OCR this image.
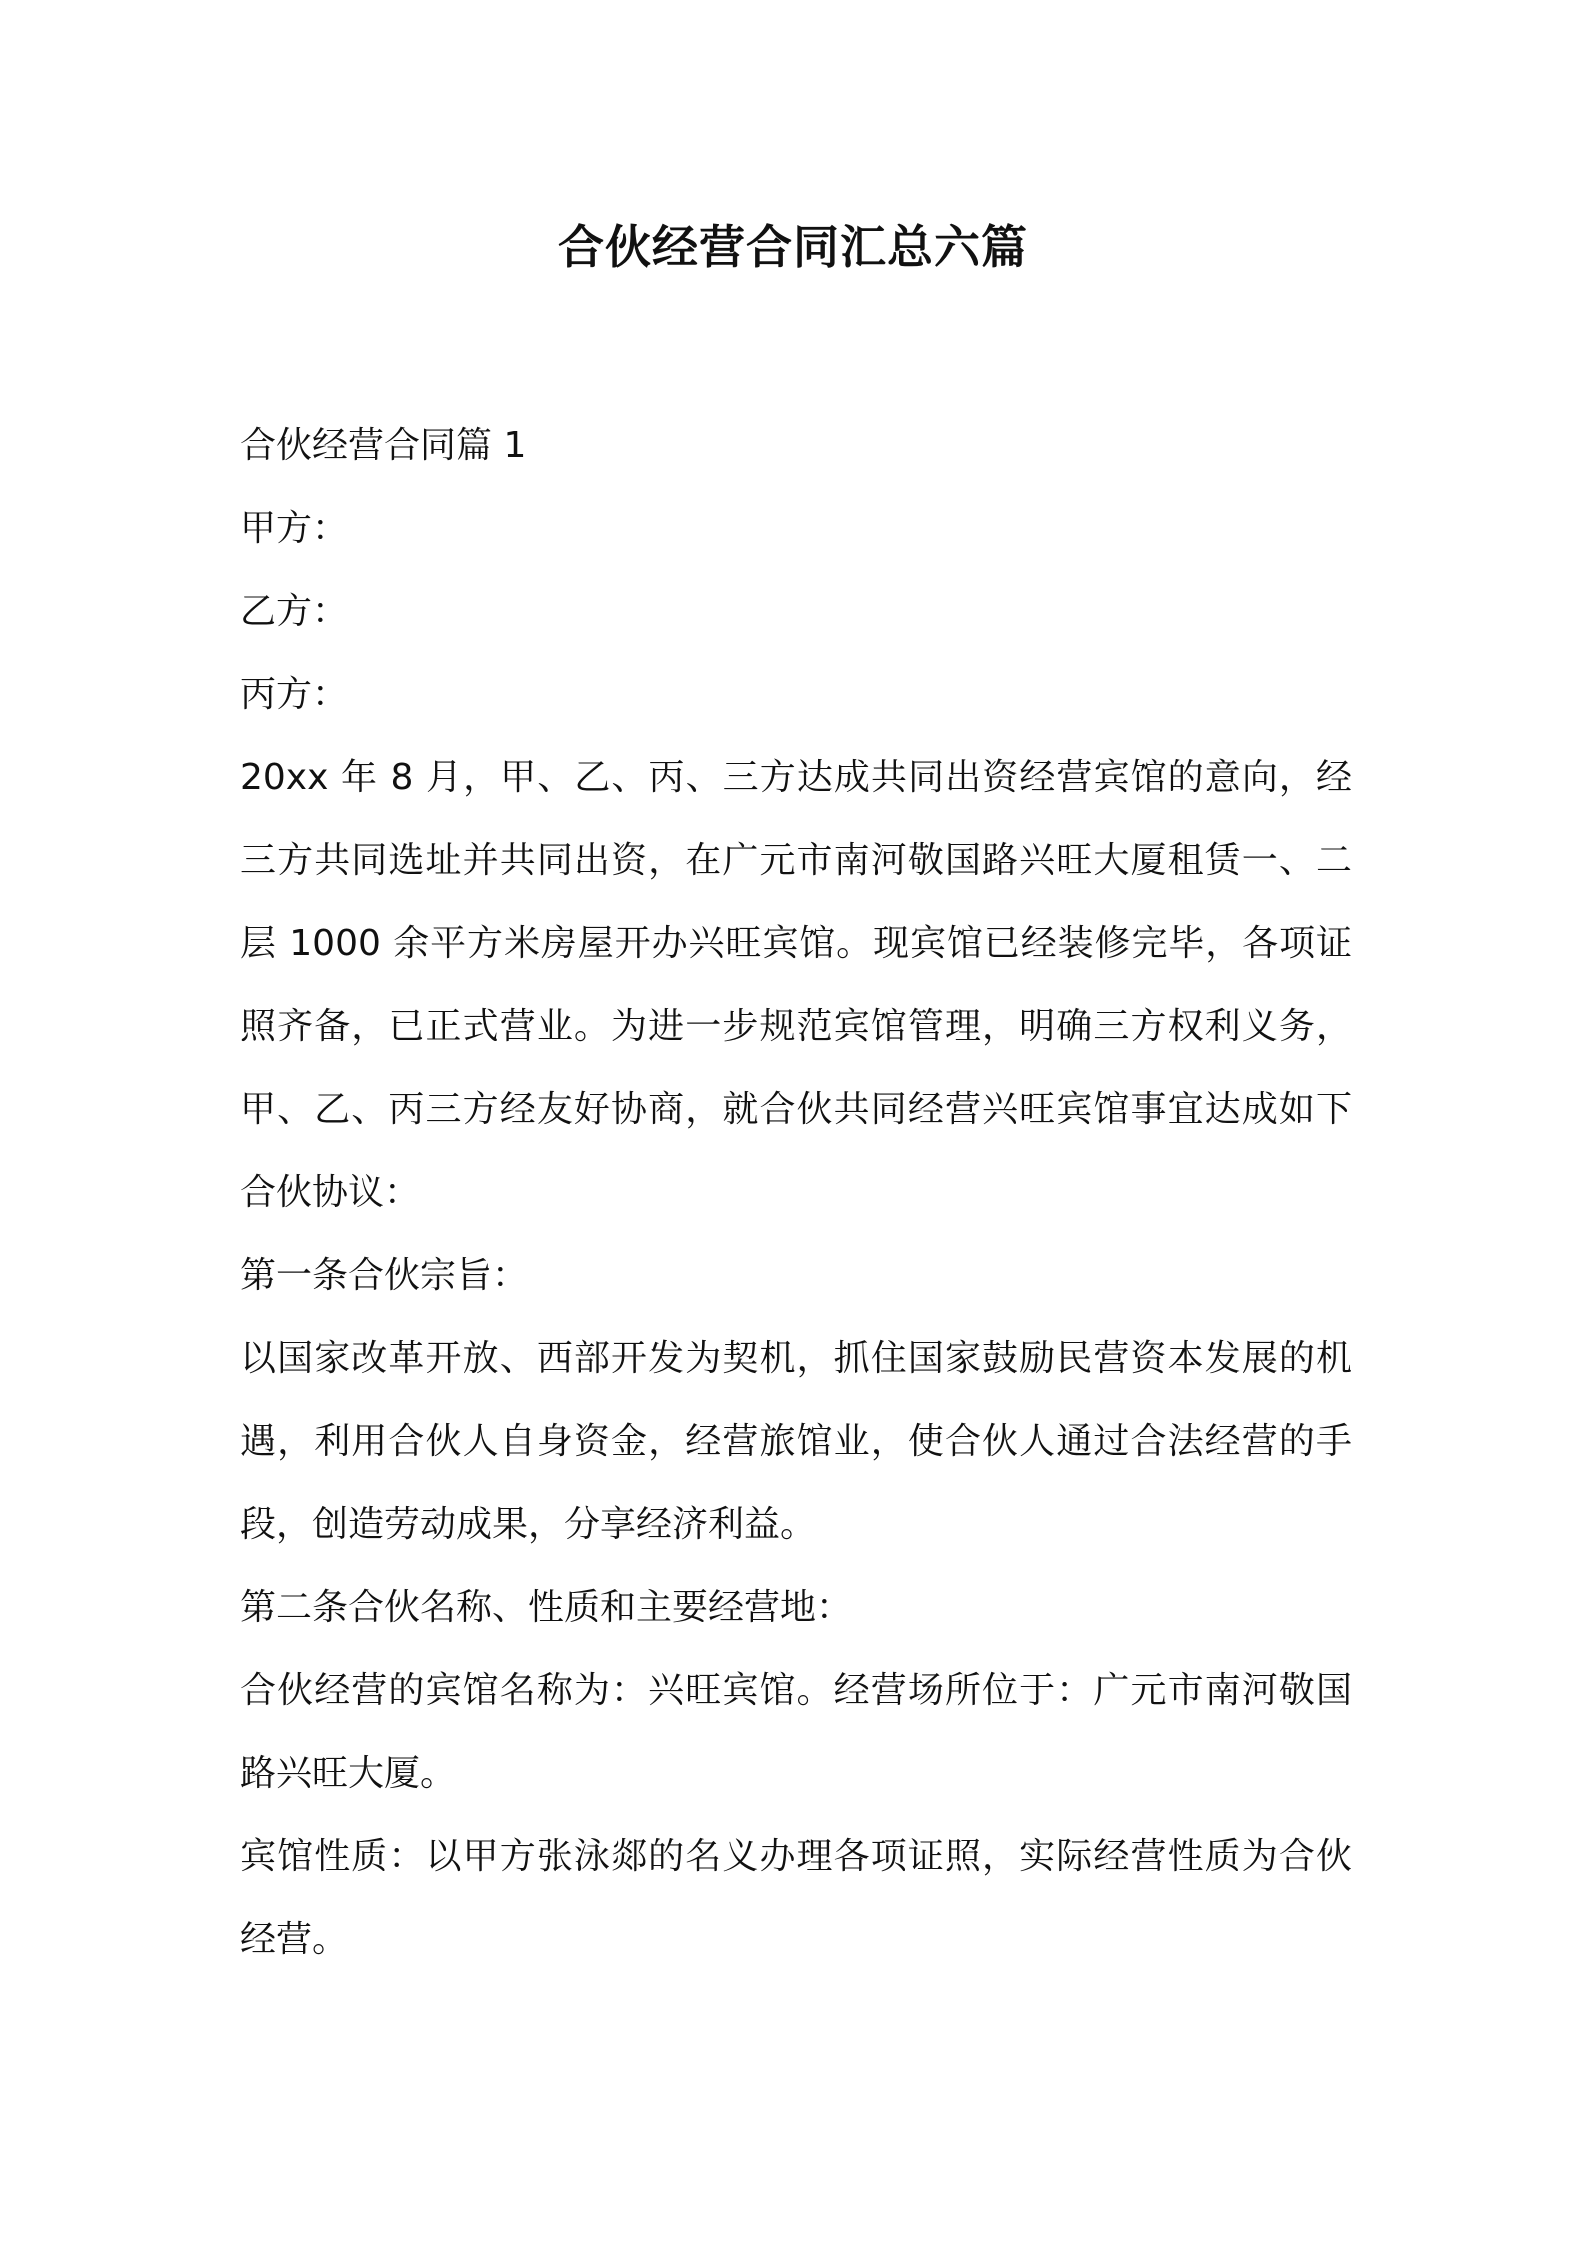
合伙经营合同汇总六篇
合伙经营合同篇 1
甲方：
乙方：
丙方：
20xx 年 8 月，甲、乙、丙、三方达成共同出资经营宾馆的意向，经
三方共同选址并共同出资，在广元市南河敬国路兴旺大厦租赁一、二
层 1000 余平方米房屋开办兴旺宾馆。现宾馆已经装修完毕，各项证
照齐备，已正式营业。为进一步规范宾馆管理，明确三方权利义务，
甲、乙、丙三方经友好协商，就合伙共同经营兴旺宾馆事宜达成如下
合伙协议：
第一条合伙宗旨：
以国家改革开放、西部开发为契机，抓住国家鼓励民营资本发展的机
遇，利用合伙人自身资金，经营旅馆业，使合伙人通过合法经营的手
段，创造劳动成果，分享经济利益。
第二条合伙名称、性质和主要经营地：
合伙经营的宾馆名称为：兴旺宾馆。经营场所位于：广元市南河敬国
路兴旺大厦。
宾馆性质：以甲方张泳郯的名义办理各项证照，实际经营性质为合伙
经营。
